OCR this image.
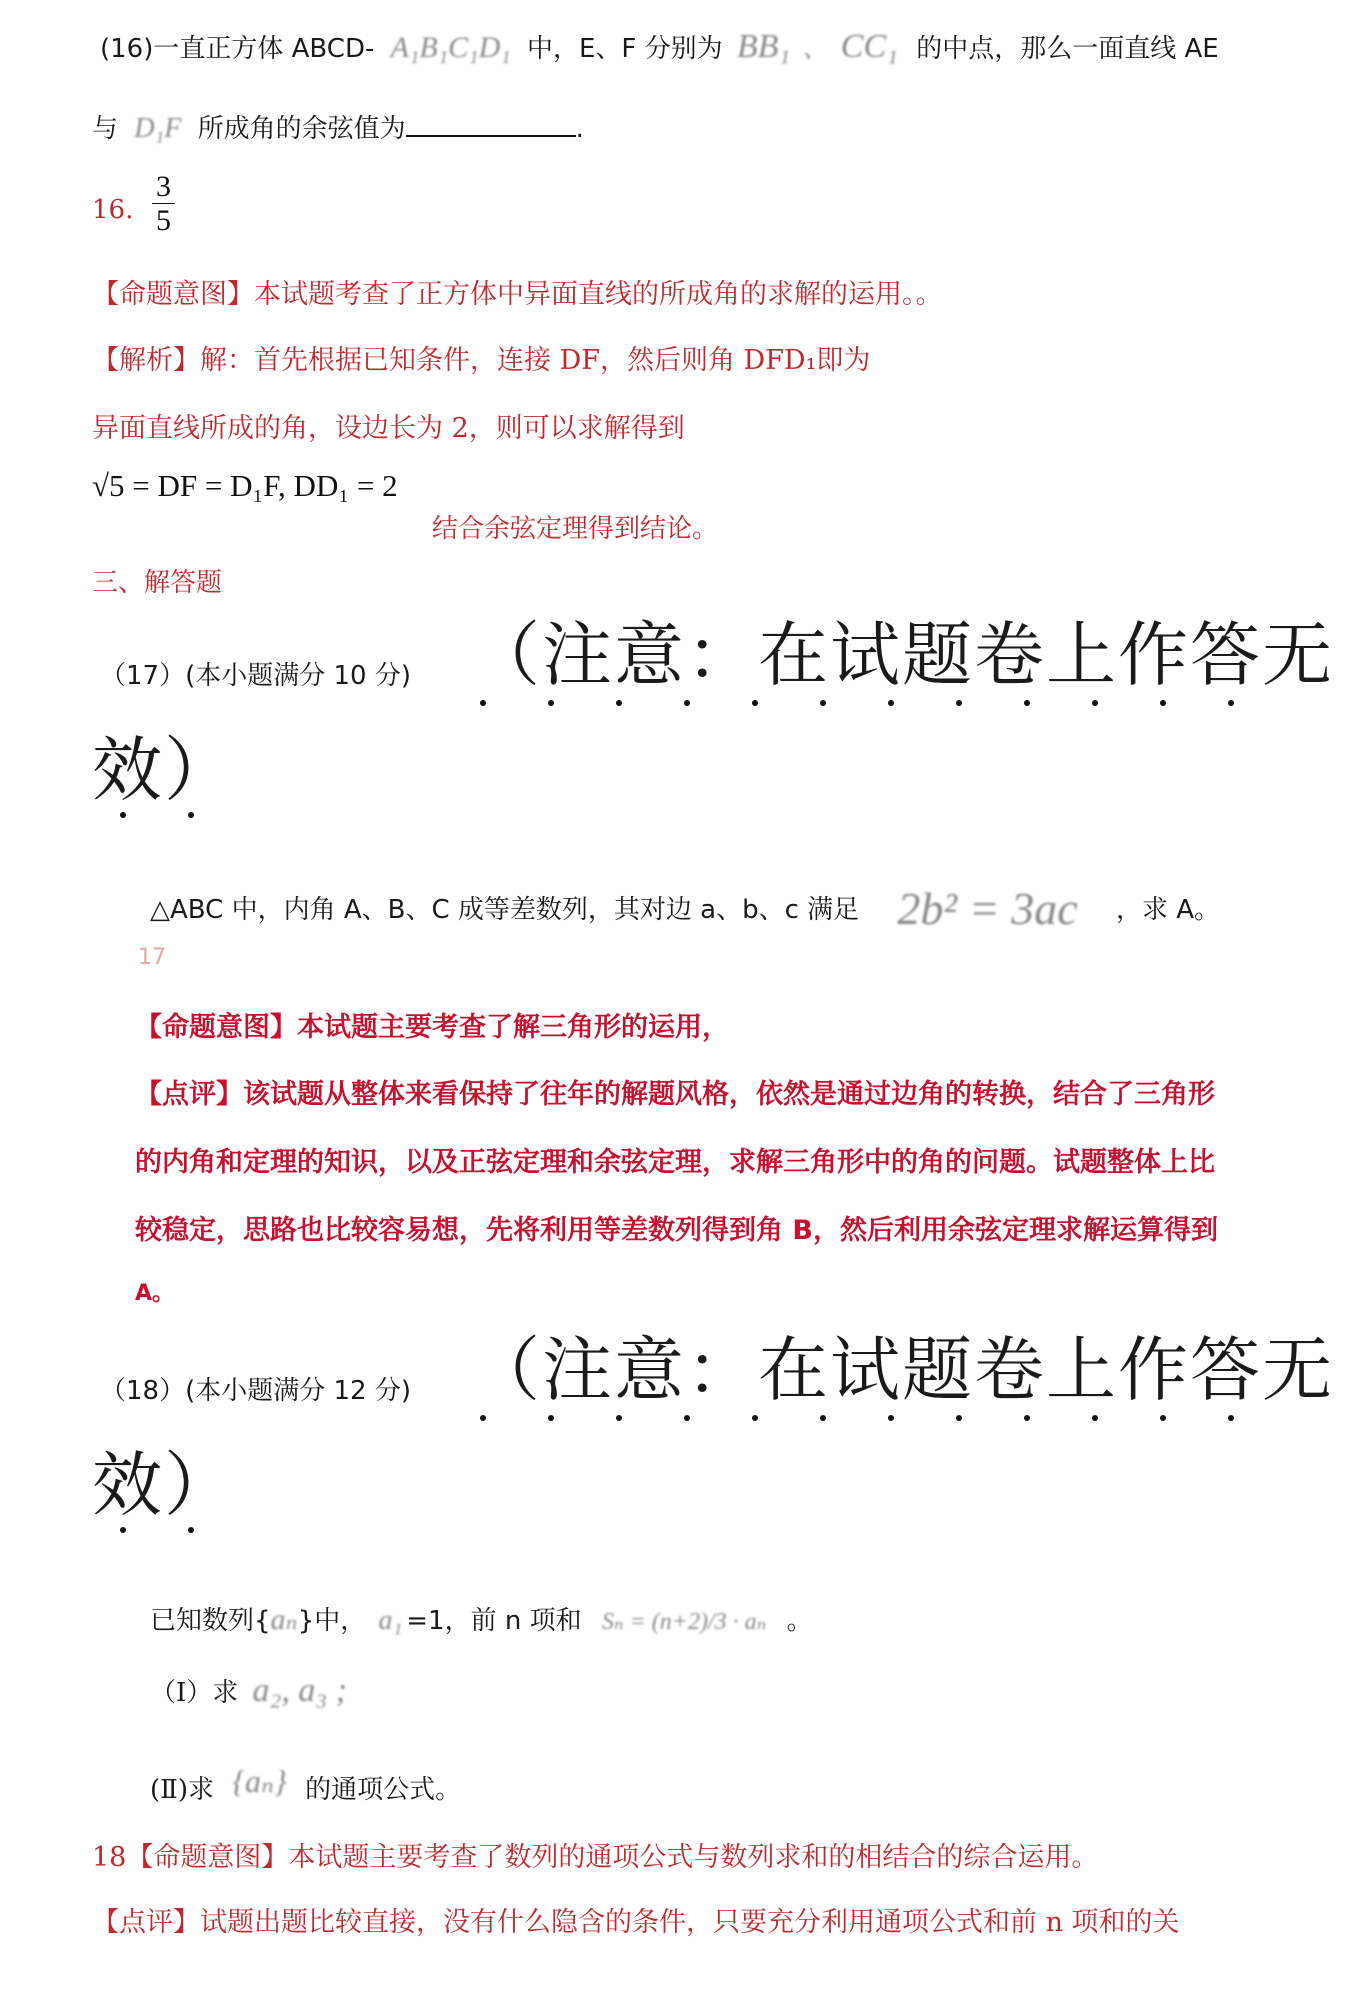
(16)一直正方体 ABCD- A₁B₁C₁D₁ 中，E、F 分别为 BB₁ 、 CC₁ 的中点，那么一面直线 AE
与 D₁F 所成角的余弦值为	.
16. $\frac{3}{5}$
【命题意图】本试题考查了正方体中异面直线的所成角的求解的运用。。
【解析】解：首先根据已知条件，连接 DF，然后则角 DFD₁即为
异面直线所成的角，设边长为 2，则可以求解得到
√5 = DF = D₁F, DD₁ = 2
结合余弦定理得到结论。
三、解答题
（17）(本小题满分 10 分) （注意：在试题卷上作答无
效）
△ABC 中，内角 A、B、C 成等差数列，其对边 a、b、c 满足 2b² = 3ac ，求 A。
17
【命题意图】本试题主要考查了解三角形的运用，
【点评】该试题从整体来看保持了往年的解题风格，依然是通过边角的转换，结合了三角形
的内角和定理的知识，以及正弦定理和余弦定理，求解三角形中的角的问题。试题整体上比
较稳定，思路也比较容易想，先将利用等差数列得到角 B，然后利用余弦定理求解运算得到
A。
（18）(本小题满分 12 分) （注意：在试题卷上作答无
效）
已知数列{aₙ}中， a₁ =1，前 n 项和 Sₙ = (n+2)/3 · aₙ 。
（Ⅰ）求 a₂, a₃ ;
(Ⅱ)求 {aₙ} 的通项公式。
18【命题意图】本试题主要考查了数列的通项公式与数列求和的相结合的综合运用。
【点评】试题出题比较直接，没有什么隐含的条件，只要充分利用通项公式和前 n 项和的关
